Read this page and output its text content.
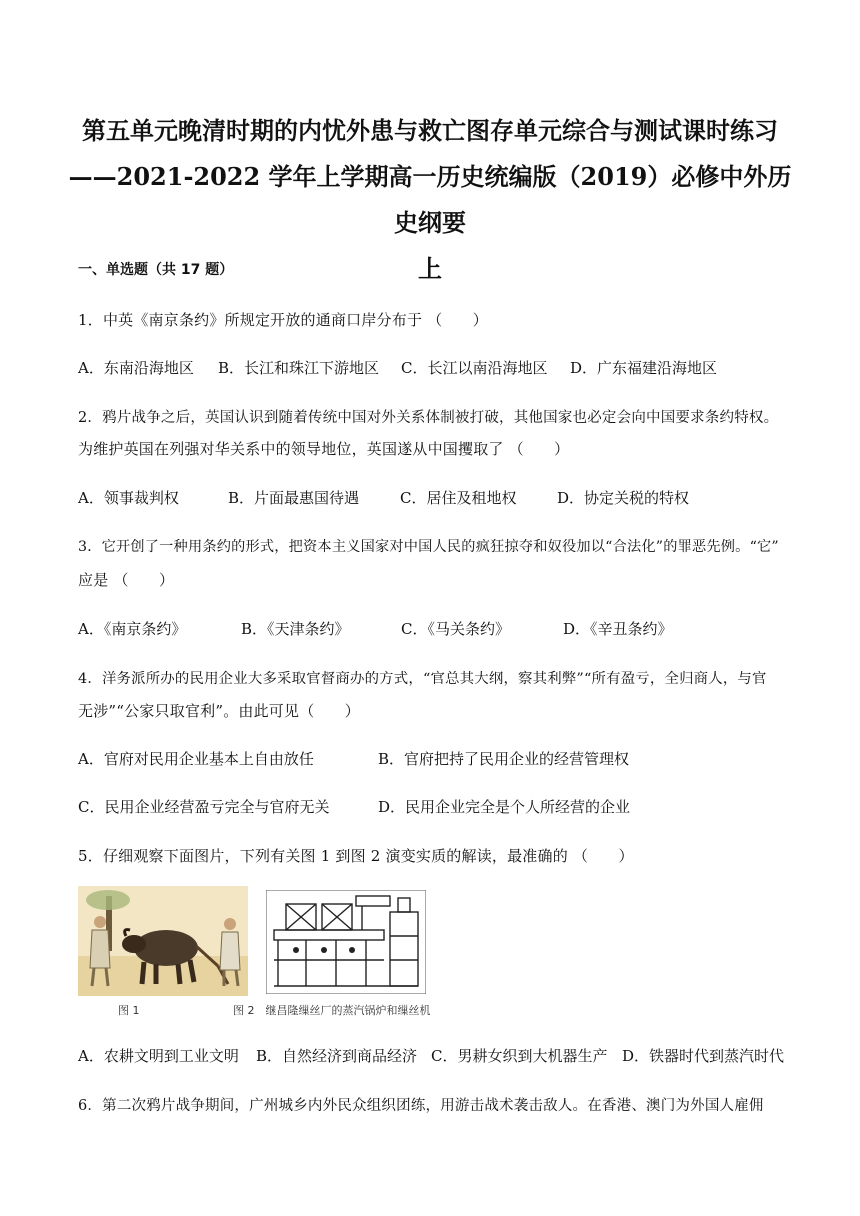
第五单元晚清时期的内忧外患与救亡图存单元综合与测试课时练习
——2021-2022 学年上学期高一历史统编版（2019）必修中外历史纲要
上
一、单选题（共 17 题）
1．中英《南京条约》所规定开放的通商口岸分布于 （　　）
A．东南沿海地区 B．长江和珠江下游地区 C．长江以南沿海地区 D．广东福建沿海地区
2．鸦片战争之后，英国认识到随着传统中国对外关系体制被打破，其他国家也必定会向中国要求条约特权。
为维护英国在列强对华关系中的领导地位，英国遂从中国攫取了 （　　）
A．领事裁判权	B．片面最惠国待遇	C．居住及租地权	D．协定关税的特权
3．它开创了一种用条约的形式，把资本主义国家对中国人民的疯狂掠夺和奴役加以“合法化”的罪恶先例。“它”
应是 （　　）
A．《南京条约》	B．《天津条约》	C．《马关条约》	D．《辛丑条约》
4．洋务派所办的民用企业大多采取官督商办的方式，“官总其大纲，察其利弊”“所有盈亏，全归商人，与官
无涉”“公家只取官利”。由此可见（　　）
A．官府对民用企业基本上自由放任	B．官府把持了民用企业的经营管理权
C．民用企业经营盈亏完全与官府无关	D．民用企业完全是个人所经营的企业
5．仔细观察下面图片，下列有关图 1 到图 2 演变实质的解读，最准确的 （　　）
图 1	图 2　继昌隆缫丝厂的蒸汽锅炉和缫丝机
A．农耕文明到工业文明 B．自然经济到商品经济 C．男耕女织到大机器生产 D．铁器时代到蒸汽时代
6．第二次鸦片战争期间，广州城乡内外民众组织团练，用游击战术袭击敌人。在香港、澳门为外国人雇佣
